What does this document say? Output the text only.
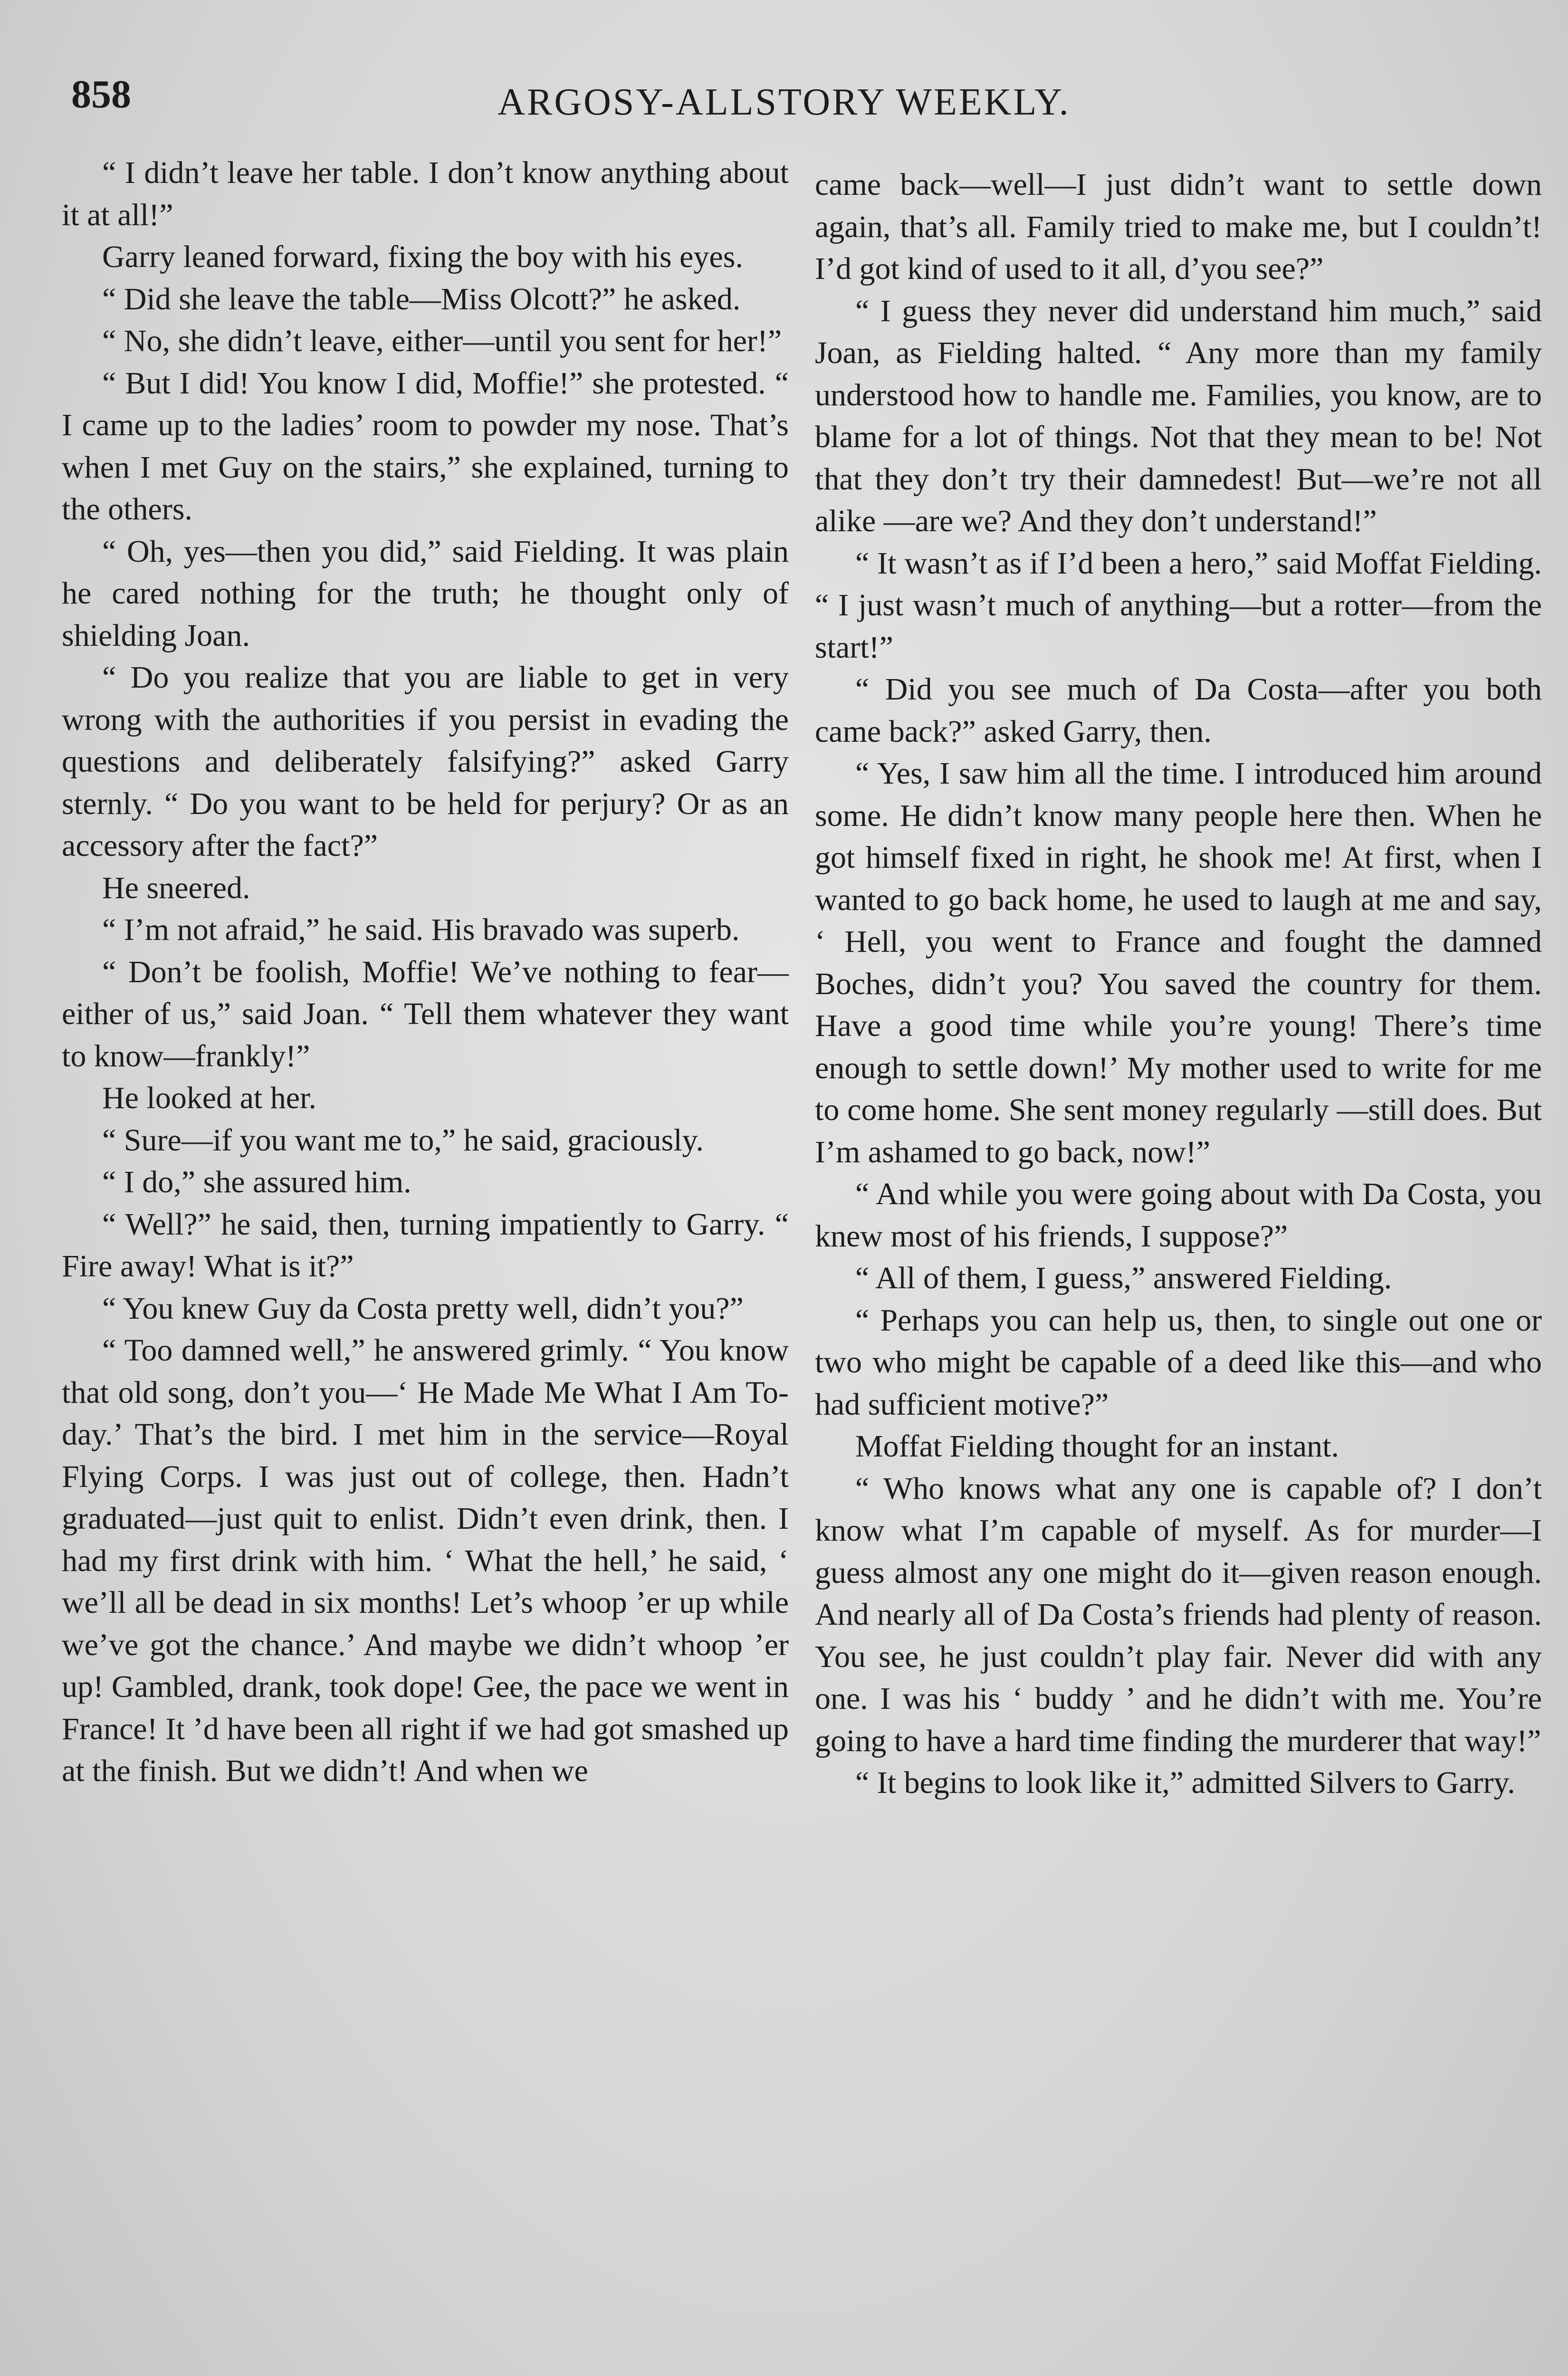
858	ARGOSY-ALLSTORY WEEKLY.

“ I didn’t leave her table. I don’t know anything about it at all!”

Garry leaned forward, fixing the boy with his eyes.

“ Did she leave the table—Miss Olcott?” he asked.

“ No, she didn’t leave, either—until you sent for her!”

“ But I did! You know I did, Moffie!” she protested. “ I came up to the ladies’ room to powder my nose. That’s when I met Guy on the stairs,” she explained, turning to the others.

“ Oh, yes—then you did,” said Fielding. It was plain he cared nothing for the truth; he thought only of shielding Joan.

“ Do you realize that you are liable to get in very wrong with the authorities if you persist in evading the questions and deliberately falsifying?” asked Garry sternly. “ Do you want to be held for perjury? Or as an accessory after the fact?”

He sneered.

“ I’m not afraid,” he said. His bravado was superb.

“ Don’t be foolish, Moffie! We’ve nothing to fear—either of us,” said Joan. “ Tell them whatever they want to know—frankly!”

He looked at her.

“ Sure—if you want me to,” he said, graciously.

“ I do,” she assured him.

“ Well?” he said, then, turning impatiently to Garry. “ Fire away! What is it?”

“ You knew Guy da Costa pretty well, didn’t you?”

“ Too damned well,” he answered grimly. “ You know that old song, don’t you—‘ He Made Me What I Am To-day.’ That’s the bird. I met him in the service—Royal Flying Corps. I was just out of college, then. Hadn’t graduated—just quit to enlist. Didn’t even drink, then. I had my first drink with him. ‘ What the hell,’ he said, ‘ we’ll all be dead in six months! Let’s whoop ’er up while we’ve got the chance.’ And maybe we didn’t whoop ’er up! Gambled, drank, took dope! Gee, the pace we went in France! It ’d have been all right if we had got smashed up at the finish. But we didn’t! And when we

came back—well—I just didn’t want to settle down again, that’s all. Family tried to make me, but I couldn’t! I’d got kind of used to it all, d’you see?”

“ I guess they never did understand him much,” said Joan, as Fielding halted. “ Any more than my family understood how to handle me. Families, you know, are to blame for a lot of things. Not that they mean to be! Not that they don’t try their damnedest! But—we’re not all alike —are we? And they don’t understand!”

“ It wasn’t as if I’d been a hero,” said Moffat Fielding. “ I just wasn’t much of anything—but a rotter—from the start!”

“ Did you see much of Da Costa—after you both came back?” asked Garry, then.

“ Yes, I saw him all the time. I introduced him around some. He didn’t know many people here then. When he got himself fixed in right, he shook me! At first, when I wanted to go back home, he used to laugh at me and say, ‘ Hell, you went to France and fought the damned Boches, didn’t you? You saved the country for them. Have a good time while you’re young! There’s time enough to settle down!’ My mother used to write for me to come home. She sent money regularly —still does. But I’m ashamed to go back, now!”

“ And while you were going about with Da Costa, you knew most of his friends, I suppose?”

“ All of them, I guess,” answered Fielding.

“ Perhaps you can help us, then, to single out one or two who might be capable of a deed like this—and who had sufficient motive?”

Moffat Fielding thought for an instant.

“ Who knows what any one is capable of? I don’t know what I’m capable of myself. As for murder—I guess almost any one might do it—given reason enough. And nearly all of Da Costa’s friends had plenty of reason. You see, he just couldn’t play fair. Never did with any one. I was his ‘ buddy ’ and he didn’t with me. You’re going to have a hard time finding the murderer that way!”

“ It begins to look like it,” admitted Silvers to Garry.
